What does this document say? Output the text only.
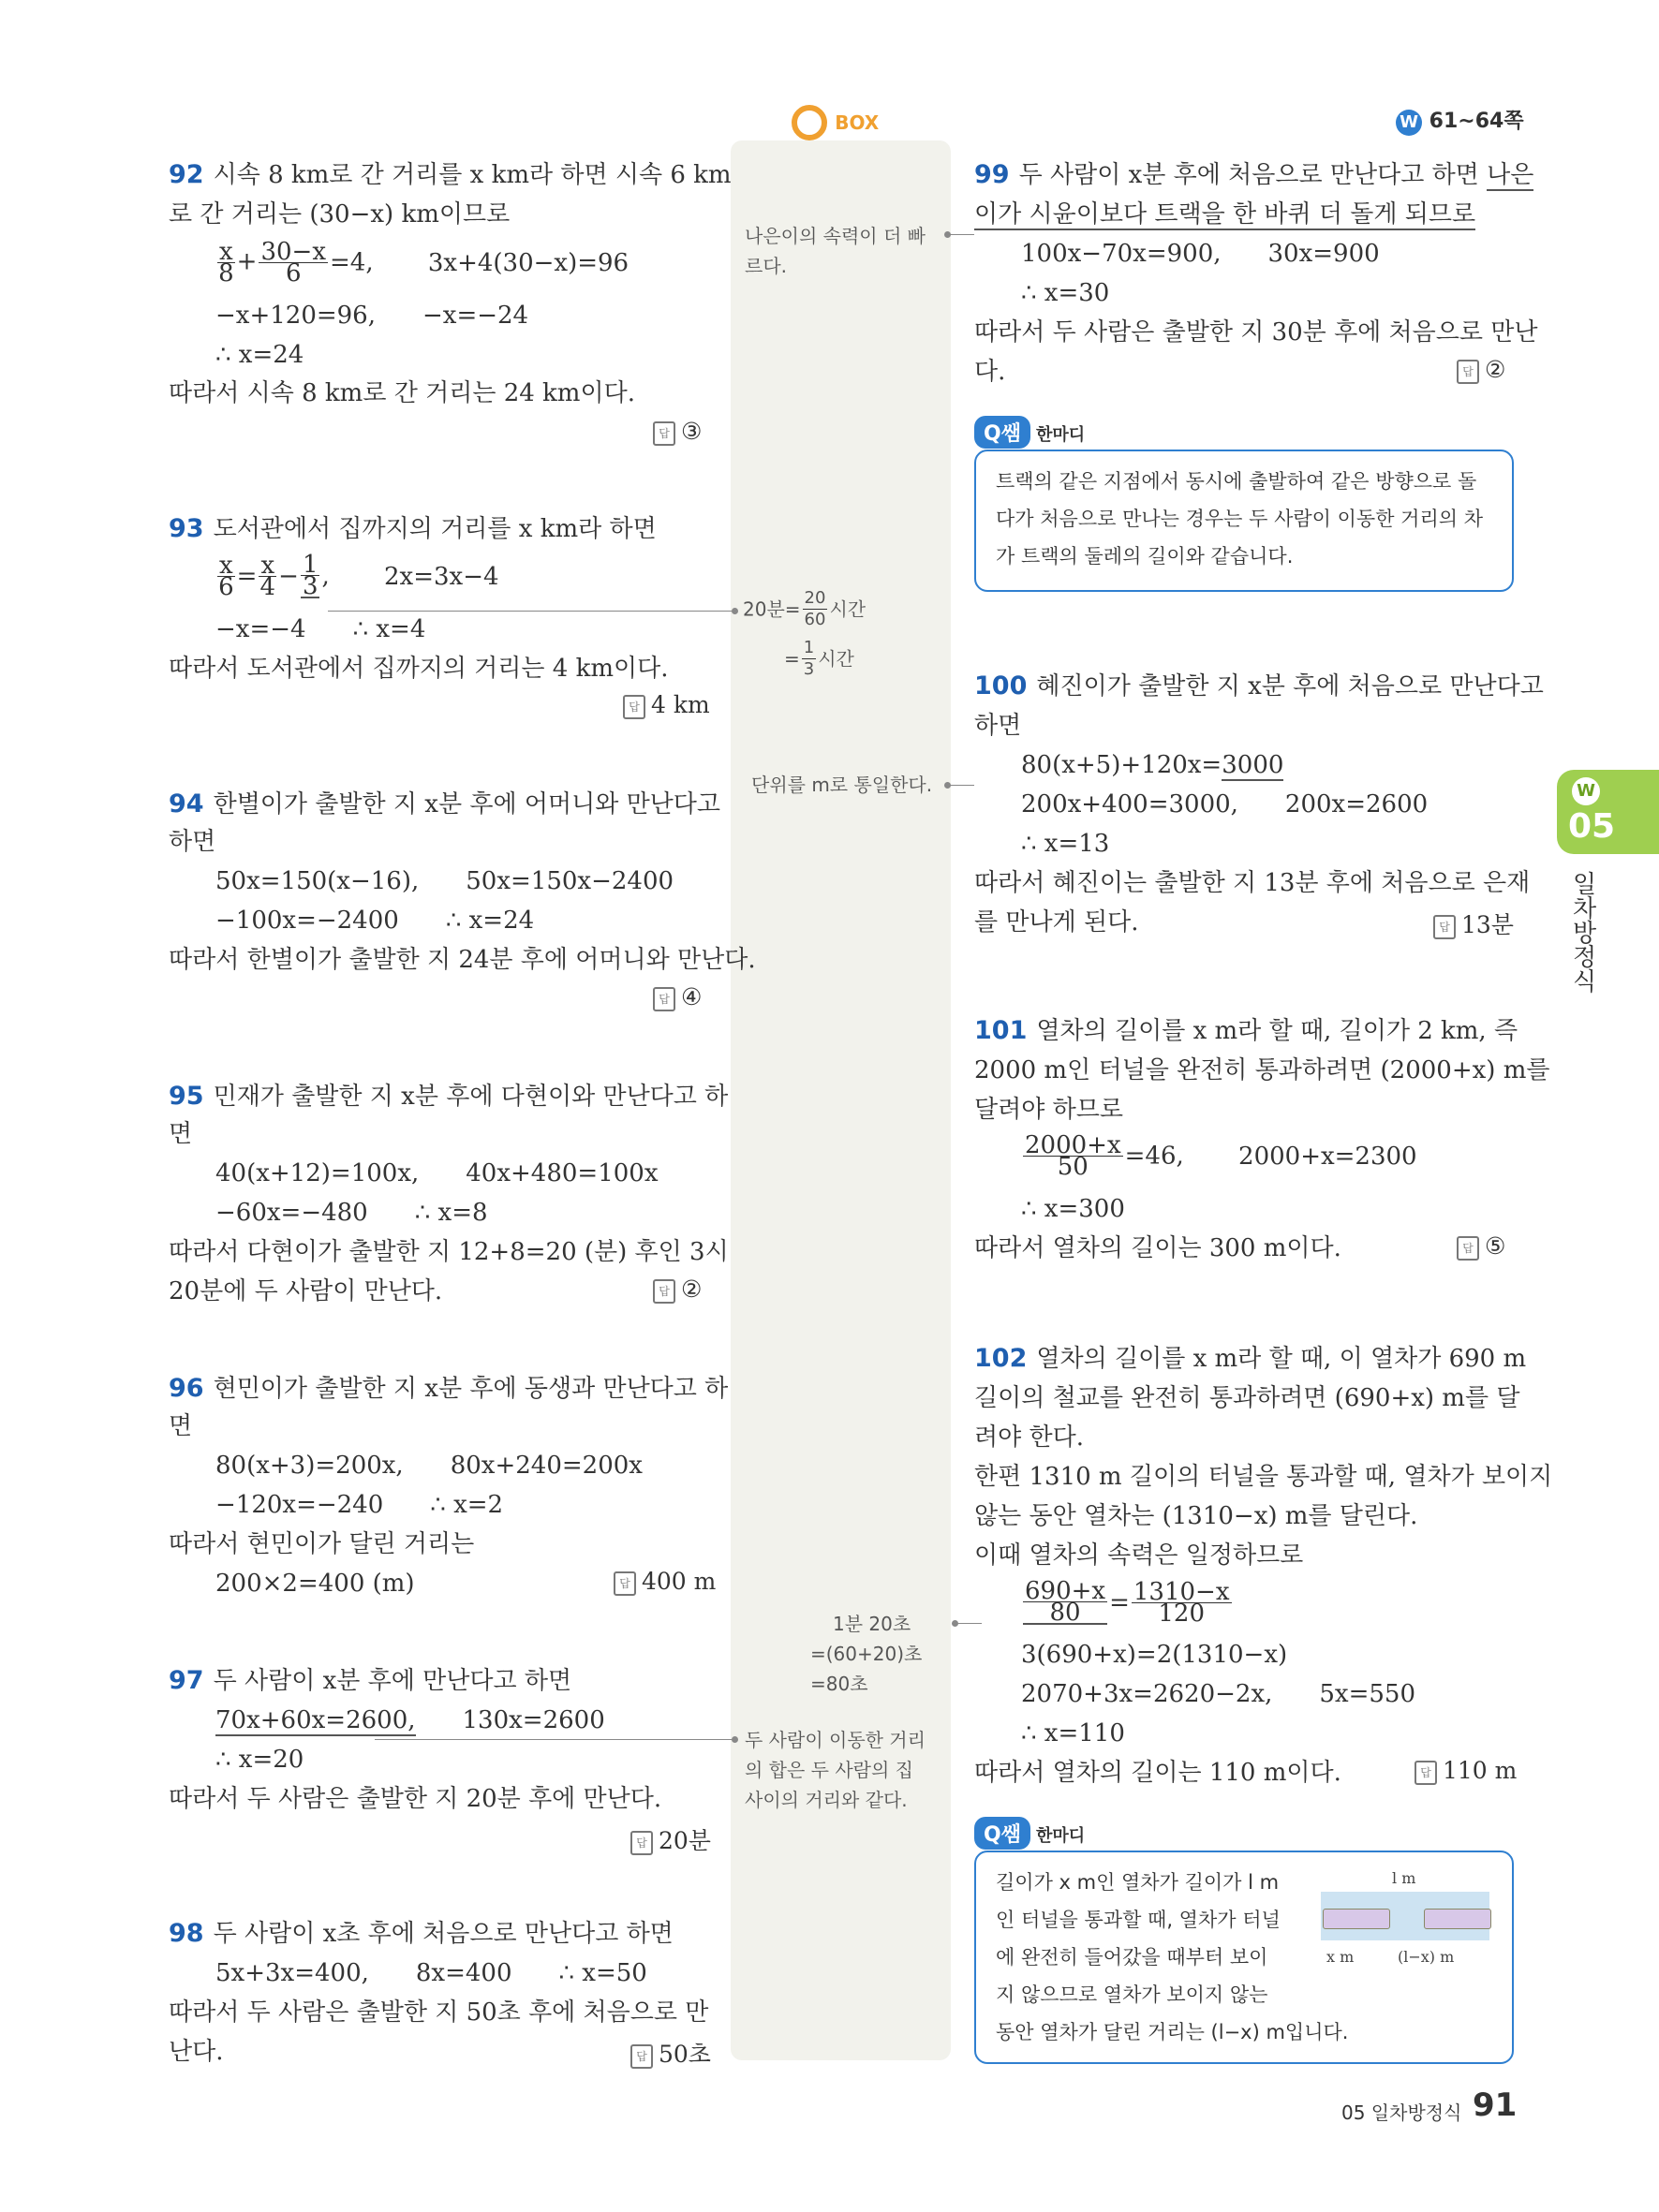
W 61~64쪽
BOX
W
05
일차방정식
92 시속 8 km로 간 거리를 x km라 하면 시속 6 km
로 간 거리는 (30−x) km이므로
$\frac{x}{8} + \frac{30-x}{6} =4$, 3x+4(30−x)=96
−x+120=96, −x=−24
∴ x=24
따라서 시속 8 km로 간 거리는 24 km이다.
답 ③
93 도서관에서 집까지의 거리를 x km라 하면
$\frac{x}{6} = \frac{x}{4} - \frac{1}{3}$ , 2x=3x−4
−x=−4 ∴ x=4
따라서 도서관에서 집까지의 거리는 4 km이다.
답 4 km
94 한별이가 출발한 지 x분 후에 어머니와 만난다고
하면
50x=150(x−16), 50x=150x−2400
−100x=−2400 ∴ x=24
따라서 한별이가 출발한 지 24분 후에 어머니와 만난다.
답 ④
95 민재가 출발한 지 x분 후에 다현이와 만난다고 하
면
40(x+12)=100x, 40x+480=100x
−60x=−480 ∴ x=8
따라서 다현이가 출발한 지 12+8=20 (분) 후인 3시
20분에 두 사람이 만난다.	답 ②
96 현민이가 출발한 지 x분 후에 동생과 만난다고 하
면
80(x+3)=200x, 80x+240=200x
−120x=−240 ∴ x=2
따라서 현민이가 달린 거리는
200×2=400 (m)	답 400 m
97 두 사람이 x분 후에 만난다고 하면
70x+60x=2600, 130x=2600
∴ x=20
따라서 두 사람은 출발한 지 20분 후에 만난다.
답 20분
98 두 사람이 x초 후에 처음으로 만난다고 하면
5x+3x=400, 8x=400 ∴ x=50
따라서 두 사람은 출발한 지 50초 후에 처음으로 만
난다.	답 50초
나은이의 속력이 더 빠
르다.
20분= $\frac{20}{60}$ 시간
= $\frac{1}{3}$ 시간
단위를 m로 통일한다.
1분 20초
=(60+20)초
=80초
두 사람이 이동한 거리
의 합은 두 사람의 집
사이의 거리와 같다.
99 두 사람이 x분 후에 처음으로 만난다고 하면 나은
이가 시윤이보다 트랙을 한 바퀴 더 돌게 되므로
100x−70x=900, 30x=900
∴ x=30
따라서 두 사람은 출발한 지 30분 후에 처음으로 만난
다.	답 ②
Q쌤 한마디
트랙의 같은 지점에서 동시에 출발하여 같은 방향으로 돌
다가 처음으로 만나는 경우는 두 사람이 이동한 거리의 차
가 트랙의 둘레의 길이와 같습니다.
100 혜진이가 출발한 지 x분 후에 처음으로 만난다고
하면
80(x+5)+120x=3000
200x+400=3000, 200x=2600
∴ x=13
따라서 혜진이는 출발한 지 13분 후에 처음으로 은재
를 만나게 된다.	답 13분
101 열차의 길이를 x m라 할 때, 길이가 2 km, 즉
2000 m인 터널을 완전히 통과하려면 (2000+x) m를
달려야 하므로
$\frac{2000+x}{50} =46$, 2000+x=2300
∴ x=300
따라서 열차의 길이는 300 m이다.	답 ⑤
102 열차의 길이를 x m라 할 때, 이 열차가 690 m
길이의 철교를 완전히 통과하려면 (690+x) m를 달
려야 한다.
한편 1310 m 길이의 터널을 통과할 때, 열차가 보이지
않는 동안 열차는 (1310−x) m를 달린다.
이때 열차의 속력은 일정하므로
$\frac{690+x}{80} = \frac{1310-x}{120}$
3(690+x)=2(1310−x)
2070+3x=2620−2x, 5x=550
∴ x=110
따라서 열차의 길이는 110 m이다.	답 110 m
Q쌤 한마디
길이가 x m인 열차가 길이가 l m
인 터널을 통과할 때, 열차가 터널
에 완전히 들어갔을 때부터 보이
지 않으므로 열차가 보이지 않는
동안 열차가 달린 거리는 (l−x) m입니다.
l m
x m	(l−x) m
05 일차방정식 91
